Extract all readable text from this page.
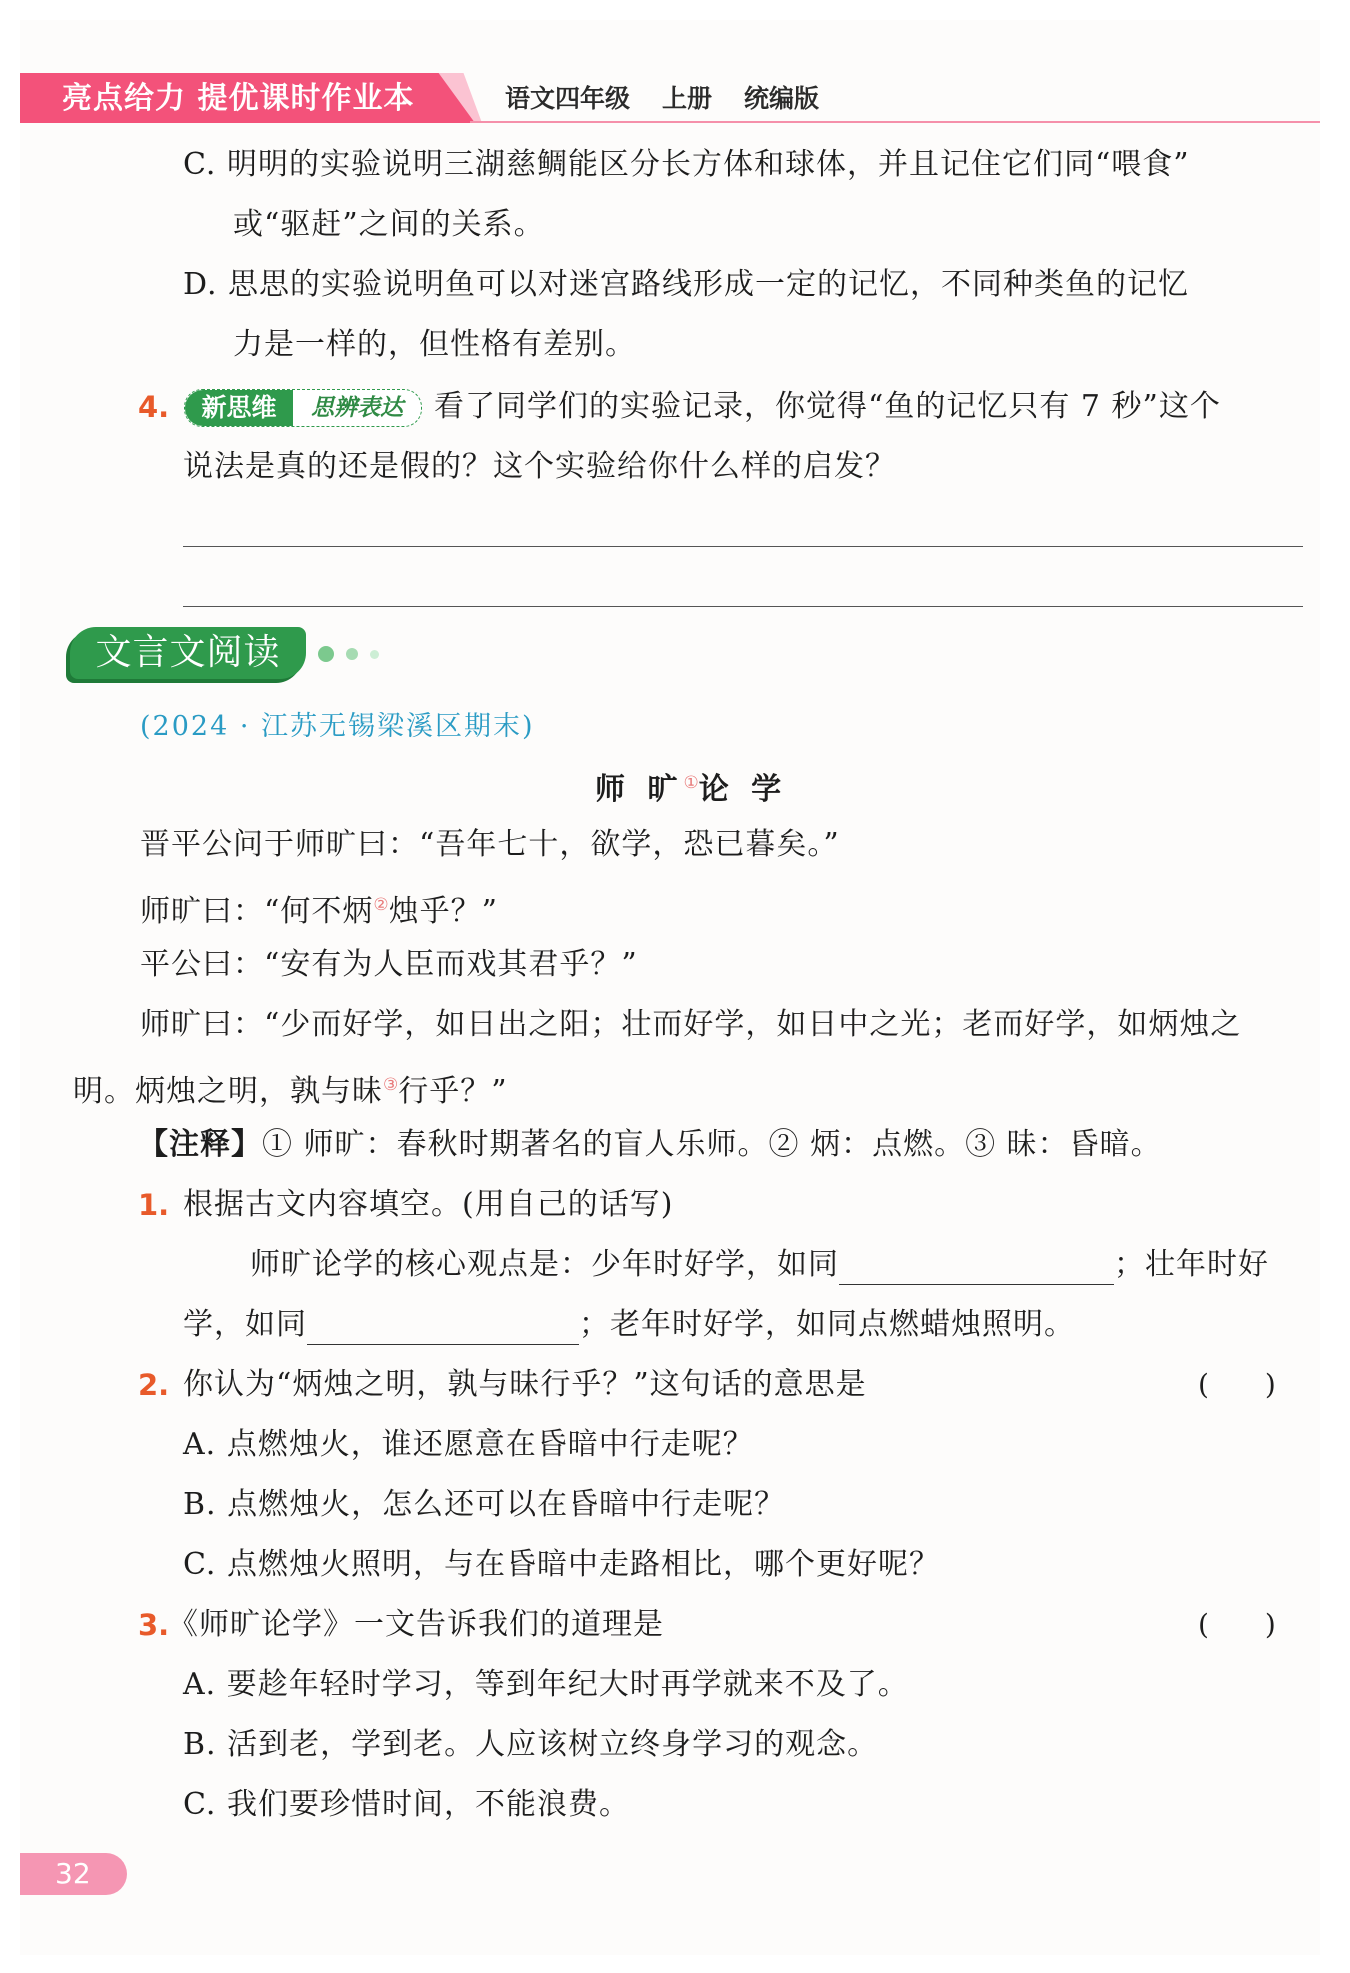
亮点给力 提优课时作业本	语文四年级 上册 统编版
C. 明明的实验说明三湖慈鲷能区分长方体和球体，并且记住它们同“喂食”
或“驱赶”之间的关系。
D. 思思的实验说明鱼可以对迷宫路线形成一定的记忆，不同种类鱼的记忆
力是一样的，但性格有差别。
4.	新思维	思辨表达	看了同学们的实验记录，你觉得“鱼的记忆只有 7 秒”这个
说法是真的还是假的？这个实验给你什么样的启发？
文言文阅读
(2024 · 江苏无锡梁溪区期末)
师 旷①论 学
晋平公问于师旷曰：“吾年七十，欲学，恐已暮矣。”
师旷曰：“何不炳②烛乎？”
平公曰：“安有为人臣而戏其君乎？”
师旷曰：“少而好学，如日出之阳；壮而好学，如日中之光；老而好学，如炳烛之
明。炳烛之明，孰与昧③行乎？”
【注释】① 师旷：春秋时期著名的盲人乐师。② 炳：点燃。③ 昧：昏暗。
1. 根据古文内容填空。(用自己的话写)
师旷论学的核心观点是：少年时好学，如同	；壮年时好
学，如同	；老年时好学，如同点燃蜡烛照明。
2. 你认为“炳烛之明，孰与昧行乎？”这句话的意思是	(　　)
A. 点燃烛火，谁还愿意在昏暗中行走呢？
B. 点燃烛火，怎么还可以在昏暗中行走呢？
C. 点燃烛火照明，与在昏暗中走路相比，哪个更好呢？
3.
《师旷论学》一文告诉我们的道理是	(　　)
A. 要趁年轻时学习，等到年纪大时再学就来不及了。
B. 活到老，学到老。人应该树立终身学习的观念。
C. 我们要珍惜时间，不能浪费。
32
